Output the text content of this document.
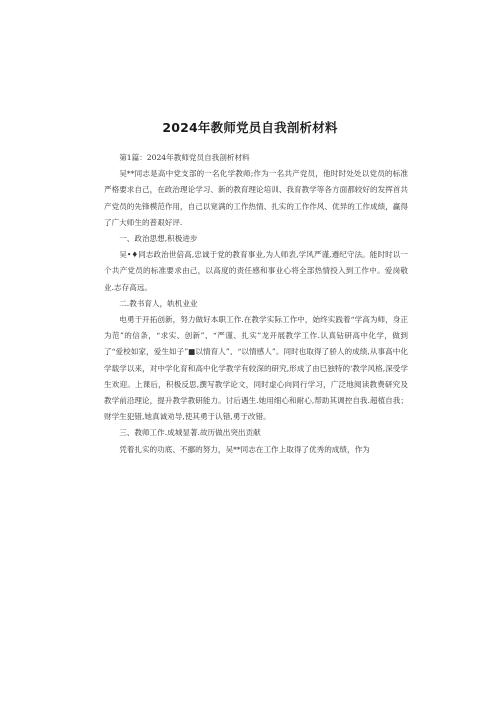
2024年教师党员自我剖析材料

第1篇：2024年教师党员自我剖析材料

吴**同志是高中党支部的一名化学教师;作为一名共产党员，他时时处处以党员的标准严格要求自己，在政治理论学习、新的教育理论培训、我育教学等各方面都较好的发挥首共产党员的先锋模范作用，自己以宽满的工作热情、扎实的工作作风、优异的工作成绩，赢得了广大师生的普艰好评.

一、政治思想,积极进步

吴•♦同志政治世倍高,忠诚于党的教育事业,为人师表,学风严谨,遵纪守法。能时时以一个共产党员的标准要求由己，以高度的责任感和事业心将全部热情投入到工作中。爱岗敬业.志存高远。

二.教书育人，轨机业业

电勇于开拓创新，努力做好本职工作.在教学实际工作中，始终实践着“学高为师，身正为范”的信条，“求实、创新”、“严谨、扎实”龙开展教学工作.认真钻研高中化学，做到了“爱校如家，爱生如子”■以情育人”、“以情感人”。同时也取得了骄人的成绩,从事高中化学载学以来，对中学化育和高中化学教学有较深的研究,形成了由巳独特的'教学风格,深受学生欢迎。上课后，积极反思,撰写教学论文，同时虚心向同行学习，广泛地阅读教费研究及教学前沿理论，提升教学教研能力。讨后遇生.她用细心和耐心,帮助其调控自我.超植自我；财学生犯错,她真诚劝导,使其勇于认错,勇于改错。

三、教师工作.成城显著.故历做出突出贡献

凭着扎实的功底、不挪的努力，吴**同志在工作上取得了优秀的成绩，作为
